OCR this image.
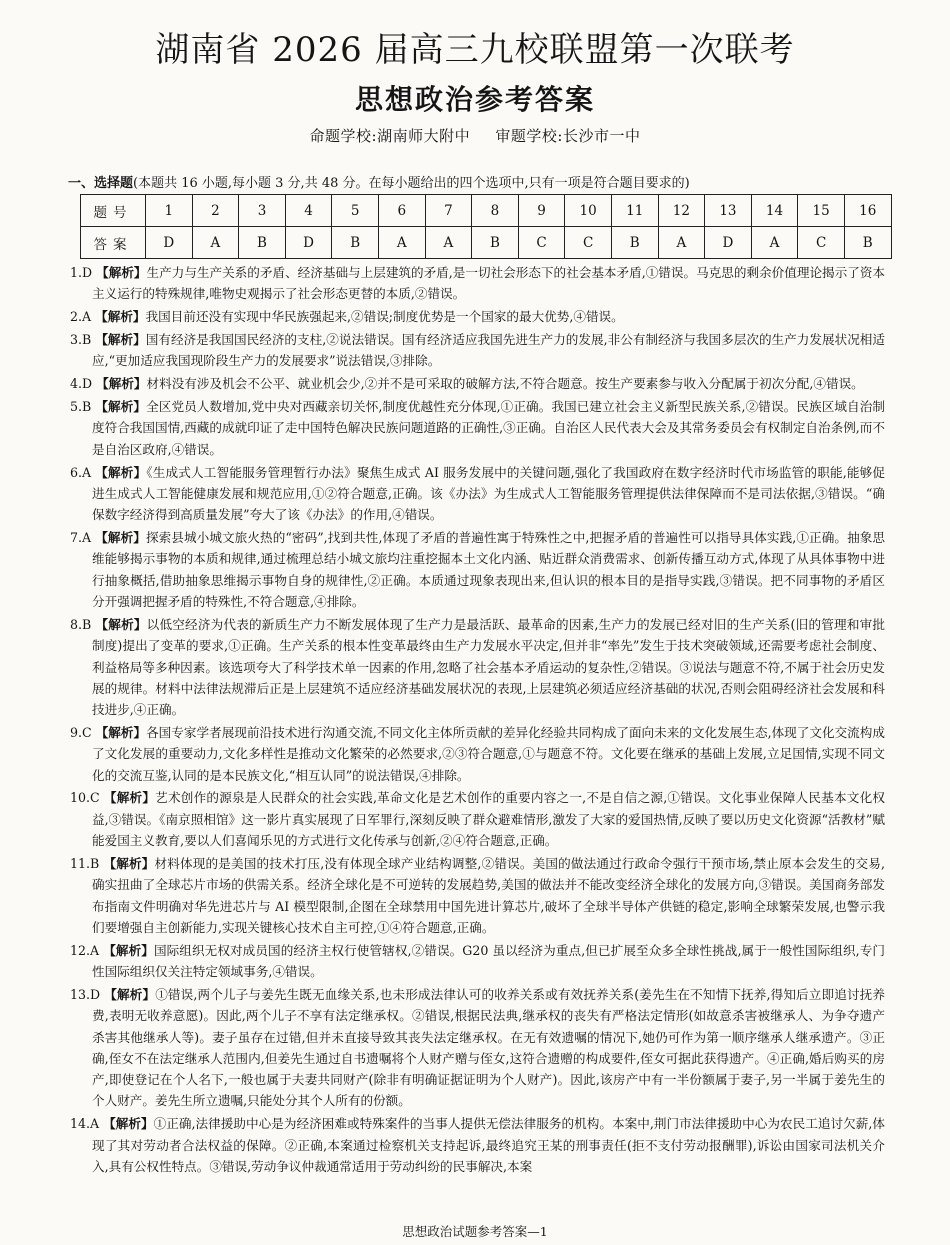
湖南省 2026 届高三九校联盟第一次联考
思想政治参考答案
命题学校:湖南师大附中 审题学校:长沙市一中
一、选择题(本题共 16 小题,每小题 3 分,共 48 分。在每小题给出的四个选项中,只有一项是符合题目要求的)
题号	1	2	3	4	5	6	7	8	9	10	11	12	13	14	15	16
答案	D	A	B	D	B	A	A	B	C	C	B	A	D	A	C	B
1.D 【解析】生产力与生产关系的矛盾、经济基础与上层建筑的矛盾,是一切社会形态下的社会基本矛盾,①错误。马克思的剩余价值理论揭示了资本主义运行的特殊规律,唯物史观揭示了社会形态更替的本质,②错误。
2.A 【解析】我国目前还没有实现中华民族强起来,②错误;制度优势是一个国家的最大优势,④错误。
3.B 【解析】国有经济是我国国民经济的支柱,②说法错误。国有经济适应我国先进生产力的发展,非公有制经济与我国多层次的生产力发展状况相适应,“更加适应我国现阶段生产力的发展要求”说法错误,③排除。
4.D 【解析】材料没有涉及机会不公平、就业机会少,②并不是可采取的破解方法,不符合题意。按生产要素参与收入分配属于初次分配,④错误。
5.B 【解析】全区党员人数增加,党中央对西藏亲切关怀,制度优越性充分体现,①正确。我国已建立社会主义新型民族关系,②错误。民族区域自治制度符合我国国情,西藏的成就印证了走中国特色解决民族问题道路的正确性,③正确。自治区人民代表大会及其常务委员会有权制定自治条例,而不是自治区政府,④错误。
6.A 【解析】《生成式人工智能服务管理暂行办法》聚焦生成式 AI 服务发展中的关键问题,强化了我国政府在数字经济时代市场监管的职能,能够促进生成式人工智能健康发展和规范应用,①②符合题意,正确。该《办法》为生成式人工智能服务管理提供法律保障而不是司法依据,③错误。“确保数字经济得到高质量发展”夸大了该《办法》的作用,④错误。
7.A 【解析】探索县城小城文旅火热的“密码”,找到共性,体现了矛盾的普遍性寓于特殊性之中,把握矛盾的普遍性可以指导具体实践,①正确。抽象思维能够揭示事物的本质和规律,通过梳理总结小城文旅均注重挖掘本土文化内涵、贴近群众消费需求、创新传播互动方式,体现了从具体事物中进行抽象概括,借助抽象思维揭示事物自身的规律性,②正确。本质通过现象表现出来,但认识的根本目的是指导实践,③错误。把不同事物的矛盾区分开强调把握矛盾的特殊性,不符合题意,④排除。
8.B 【解析】以低空经济为代表的新质生产力不断发展体现了生产力是最活跃、最革命的因素,生产力的发展已经对旧的生产关系(旧的管理和审批制度)提出了变革的要求,①正确。生产关系的根本性变革最终由生产力发展水平决定,但并非“率先”发生于技术突破领域,还需要考虑社会制度、利益格局等多种因素。该选项夸大了科学技术单一因素的作用,忽略了社会基本矛盾运动的复杂性,②错误。③说法与题意不符,不属于社会历史发展的规律。材料中法律法规滞后正是上层建筑不适应经济基础发展状况的表现,上层建筑必须适应经济基础的状况,否则会阻碍经济社会发展和科技进步,④正确。
9.C 【解析】各国专家学者展现前沿技术进行沟通交流,不同文化主体所贡献的差异化经验共同构成了面向未来的文化发展生态,体现了文化交流构成了文化发展的重要动力,文化多样性是推动文化繁荣的必然要求,②③符合题意,①与题意不符。文化要在继承的基础上发展,立足国情,实现不同文化的交流互鉴,认同的是本民族文化,“相互认同”的说法错误,④排除。
10.C 【解析】艺术创作的源泉是人民群众的社会实践,革命文化是艺术创作的重要内容之一,不是自信之源,①错误。文化事业保障人民基本文化权益,③错误。《南京照相馆》这一影片真实展现了日军罪行,深刻反映了群众避难情形,激发了大家的爱国热情,反映了要以历史文化资源“活教材”赋能爱国主义教育,要以人们喜闻乐见的方式进行文化传承与创新,②④符合题意,正确。
11.B 【解析】材料体现的是美国的技术打压,没有体现全球产业结构调整,②错误。美国的做法通过行政命令强行干预市场,禁止原本会发生的交易,确实扭曲了全球芯片市场的供需关系。经济全球化是不可逆转的发展趋势,美国的做法并不能改变经济全球化的发展方向,③错误。美国商务部发布指南文件明确对华先进芯片与 AI 模型限制,企图在全球禁用中国先进计算芯片,破坏了全球半导体产供链的稳定,影响全球繁荣发展,也警示我们要增强自主创新能力,实现关键核心技术自主可控,①④符合题意,正确。
12.A 【解析】国际组织无权对成员国的经济主权行使管辖权,②错误。G20 虽以经济为重点,但已扩展至众多全球性挑战,属于一般性国际组织,专门性国际组织仅关注特定领域事务,④错误。
13.D 【解析】①错误,两个儿子与姜先生既无血缘关系,也未形成法律认可的收养关系或有效抚养关系(姜先生在不知情下抚养,得知后立即追讨抚养费,表明无收养意愿)。因此,两个儿子不享有法定继承权。②错误,根据民法典,继承权的丧失有严格法定情形(如故意杀害被继承人、为争夺遗产杀害其他继承人等)。妻子虽存在过错,但并未直接导致其丧失法定继承权。在无有效遗嘱的情况下,她仍可作为第一顺序继承人继承遗产。③正确,侄女不在法定继承人范围内,但姜先生通过自书遗嘱将个人财产赠与侄女,这符合遗赠的构成要件,侄女可据此获得遗产。④正确,婚后购买的房产,即使登记在个人名下,一般也属于夫妻共同财产(除非有明确证据证明为个人财产)。因此,该房产中有一半份额属于妻子,另一半属于姜先生的个人财产。姜先生所立遗嘱,只能处分其个人所有的份额。
14.A 【解析】①正确,法律援助中心是为经济困难或特殊案件的当事人提供无偿法律服务的机构。本案中,荆门市法律援助中心为农民工追讨欠薪,体现了其对劳动者合法权益的保障。②正确,本案通过检察机关支持起诉,最终追究王某的刑事责任(拒不支付劳动报酬罪),诉讼由国家司法机关介入,具有公权性特点。③错误,劳动争议仲裁通常适用于劳动纠纷的民事解决,本案
思想政治试题参考答案—1
